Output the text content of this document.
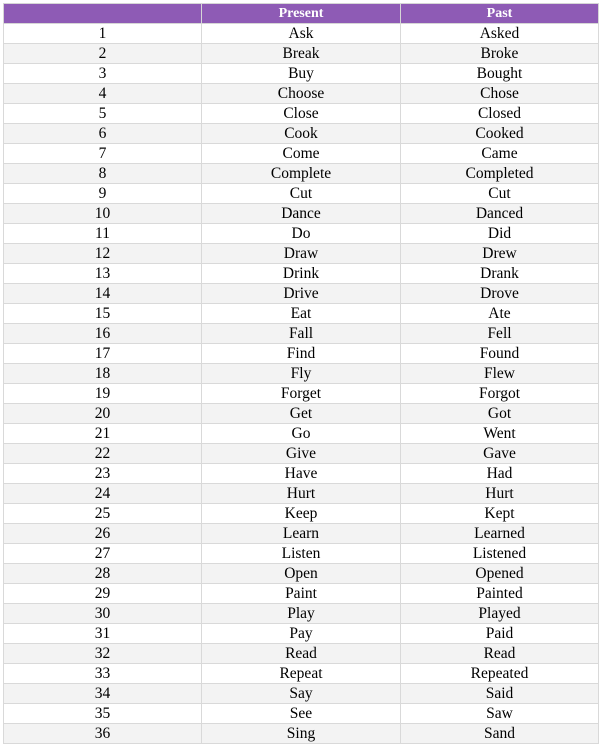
	Present	Past
1	Ask	Asked
2	Break	Broke
3	Buy	Bought
4	Choose	Chose
5	Close	Closed
6	Cook	Cooked
7	Come	Came
8	Complete	Completed
9	Cut	Cut
10	Dance	Danced
11	Do	Did
12	Draw	Drew
13	Drink	Drank
14	Drive	Drove
15	Eat	Ate
16	Fall	Fell
17	Find	Found
18	Fly	Flew
19	Forget	Forgot
20	Get	Got
21	Go	Went
22	Give	Gave
23	Have	Had
24	Hurt	Hurt
25	Keep	Kept
26	Learn	Learned
27	Listen	Listened
28	Open	Opened
29	Paint	Painted
30	Play	Played
31	Pay	Paid
32	Read	Read
33	Repeat	Repeated
34	Say	Said
35	See	Saw
36	Sing	Sand
